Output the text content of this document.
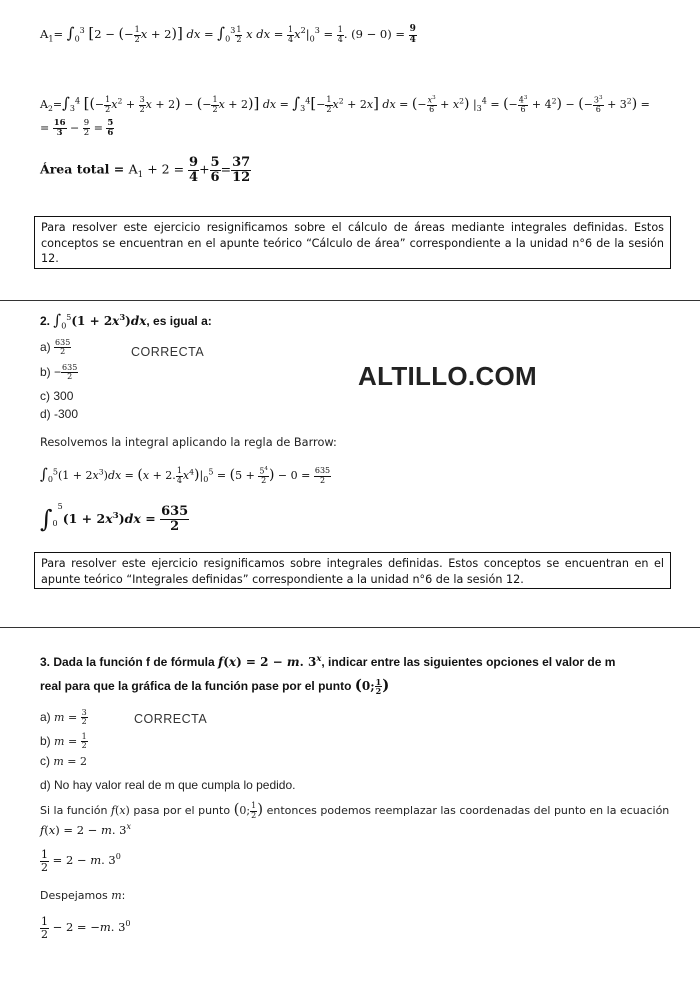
$A_1= \int_0^3$ [2 − (− $\frac{1}{2}$ x + 2)] dx = $\int_0^3 \frac{1}{2}$ x dx = $\frac{1}{4} x^2|_0^3 = \frac{1}{4}$ . $(9 - 0) = \frac{9}{4}$
$A_2=\int_3^4$ [(− $\frac{1}{2} x^2 + \frac{3}{2}$ x + 2) − (− $\frac{1}{2}$ x + 2)] dx = $\int_3^4[- \frac{1}{2} x^2 + 2x]$ dx = (− $\frac{x^3}{6} + x^2$) $|_3^4$ = (− $\frac{4^3}{6} + 4^2$) − (− $\frac{3^3}{6} + 3^2$) =
= $\frac{16}{3} - \frac{9}{2} = \frac{5}{6}$
Área total = $A_1 + 2 = \frac{9}{4} + \frac{5}{6} = \frac{37}{12}$
Para resolver este ejercicio resignificamos sobre el cálculo de áreas mediante integrales definidas. Estos conceptos se encuentran en el apunte teórico “Cálculo de área” correspondiente a la unidad n°6 de la sesión 12.
2. $\int_0^5(1 + 2x^3)dx$, es igual a:
$a) \frac{635}{2}$	CORRECTA
$b) - \frac{635}{2}$
c) 300
d) -300
ALTILLO.COM
Resolvemos la integral aplicando la regla de Barrow:
$\int_0^5(1 + 2x^3)dx = (x + 2$. $\frac{1}{4} x^4)|_0^5 = (5 + \frac{5^4}{2}$ ) − $0 = \frac{635}{2}$
$\int_0^5(1 + 2x^3)dx = \frac{635}{2}$
Para resolver este ejercicio resignificamos sobre integrales definidas. Estos conceptos se encuentran en el apunte teórico “Integrales definidas” correspondiente a la unidad n°6 de la sesión 12.
3. Dada la función f de fórmula f(x) = 2 − m. 3$^x$, indicar entre las siguientes opciones el valor de m
real para que la gráfica de la función pase por el punto (0; $\frac{1}{2}$ )
a) $m = \frac{3}{2}$	CORRECTA
b) $m = \frac{1}{2}$
c) m = 2
d) No hay valor real de m que cumpla lo pedido.
Si la función f(x) pasa por el punto (0; $\frac{1}{2}$ ) entonces podemos reemplazar las coordenadas del punto en la ecuación
f(x) = 2 − m. 3$^x$
$\frac{1}{2} = 2 - m$. $3^0$
Despejamos m:
$\frac{1}{2} - 2 = -m$. $3^0$
